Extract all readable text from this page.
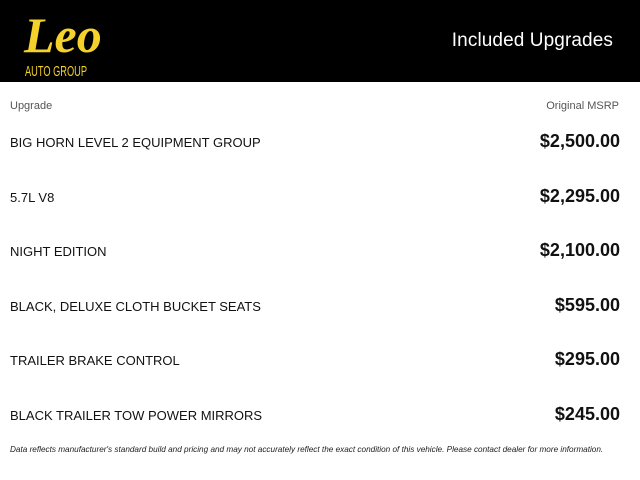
Leo
AUTO GROUP
Included Upgrades
Upgrade	Original MSRP
BIG HORN LEVEL 2 EQUIPMENT GROUP	$2,500.00
5.7L V8	$2,295.00
NIGHT EDITION	$2,100.00
BLACK, DELUXE CLOTH BUCKET SEATS	$595.00
TRAILER BRAKE CONTROL	$295.00
BLACK TRAILER TOW POWER MIRRORS	$245.00
Data reflects manufacturer's standard build and pricing and may not accurately reflect the exact condition of this vehicle. Please contact dealer for more information.
